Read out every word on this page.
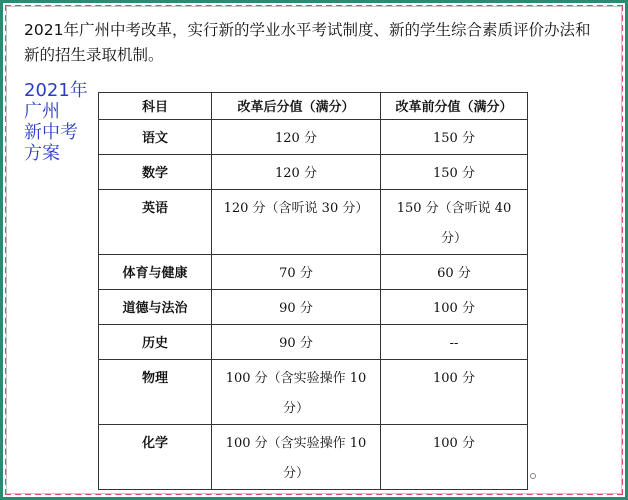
2021年广州中考改革，实行新的学业水平考试制度、新的学生综合素质评价办法和新的招生录取机制。
2021年
广州
新中考
方案
科目	改革后分值（满分）	改革前分值（满分）
语文	120 分	150 分
数学	120 分	150 分
英语	120 分（含听说 30 分）	150 分（含听说 40 分）
体育与健康	70 分	60 分
道德与法治	90 分	100 分
历史	90 分	--
物理	100 分（含实验操作 10 分）	100 分
化学	100 分（含实验操作 10 分）	100 分
